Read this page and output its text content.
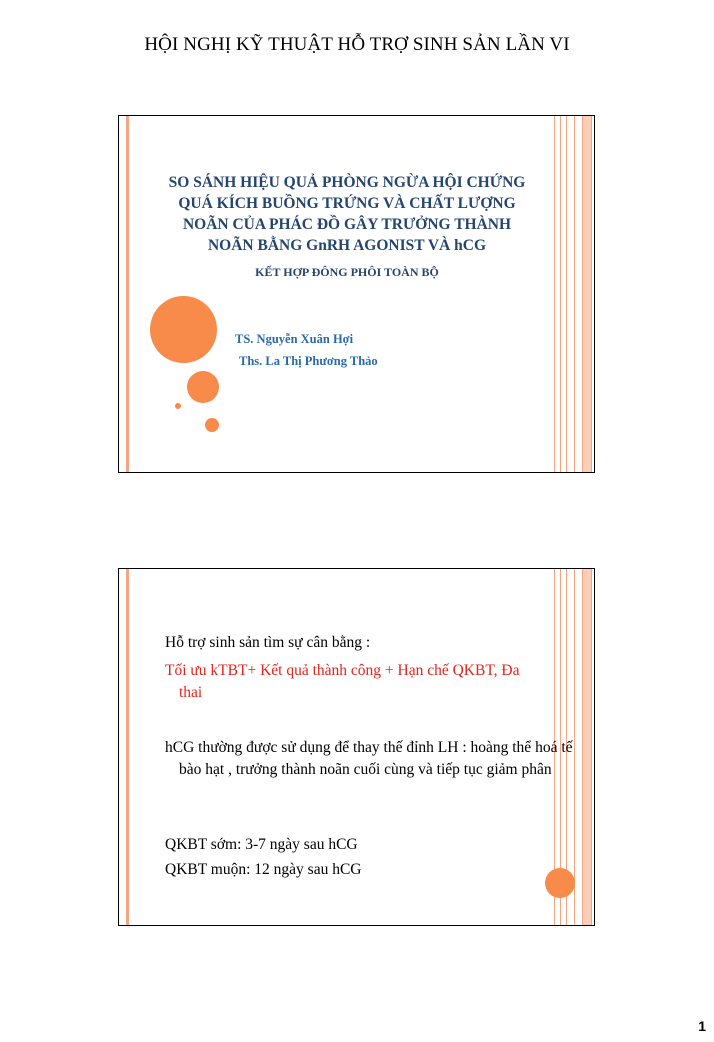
HỘI NGHỊ KỸ THUẬT HỖ TRỢ SINH SẢN LẦN VI
SO SÁNH HIỆU QUẢ PHÒNG NGỪA HỘI CHỨNG
QUÁ KÍCH BUỒNG TRỨNG VÀ CHẤT LƯỢNG
NOÃN CỦA PHÁC ĐỒ GÂY TRƯỞNG THÀNH
NOÃN BẰNG GnRH AGONIST VÀ hCG
KẾT HỢP ĐÔNG PHÔI TOÀN BỘ
TS. Nguyễn Xuân Hợi
Ths. La Thị Phương Thảo
Hỗ trợ sinh sản tìm sự cân bằng :
Tối ưu kTBT+ Kết quả thành công + Hạn chế QKBT, Đa thai
hCG thường được sử dụng để thay thế đỉnh LH : hoàng thể hoá tế bào hạt , trưởng thành noãn cuối cùng và tiếp tục giảm phân
QKBT sớm: 3-7 ngày sau hCG
QKBT muộn: 12 ngày sau hCG
1
